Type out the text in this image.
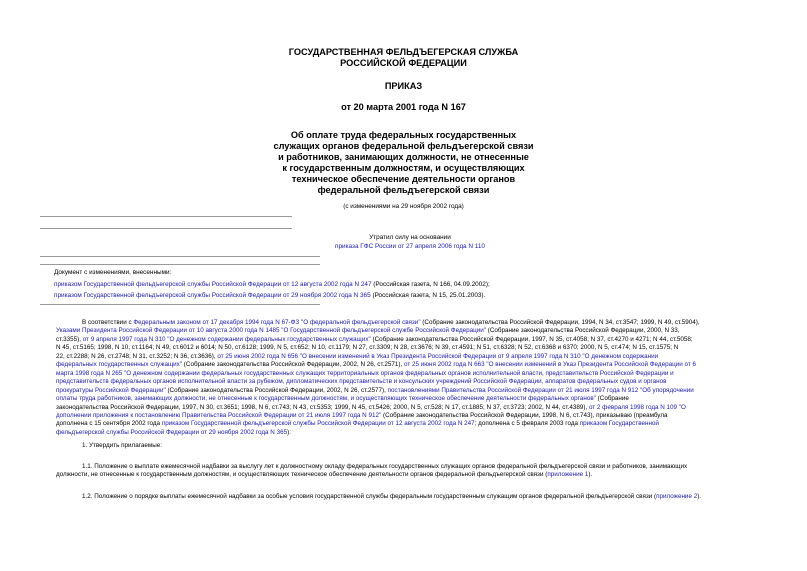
ГОСУДАРСТВЕННАЯ ФЕЛЬДЪЕГЕРСКАЯ СЛУЖБА
РОССИЙСКОЙ ФЕДЕРАЦИИ
ПРИКАЗ
от 20 марта 2001 года N 167
Об оплате труда федеральных государственных
служащих органов федеральной фельдъегерской связи
и работников, занимающих должности, не отнесенные
к государственным должностям, и осуществляющих
техническое обеспечение деятельности органов
федеральной фельдъегерской связи
(с изменениями на 29 ноября 2002 года)
Утратил силу на основании
приказа ГФС России от 27 апреля 2006 года N 110
Документ с изменениями, внесенными:
приказом Государственной фельдъегерской службы Российской Федерации от 12 августа 2002 года N 247 (Российская газета, N 166, 04.09.2002);
приказом Государственной фельдъегерской службы Российской Федерации от 29 ноября 2002 года N 365 (Российская газета, N 15, 25.01.2003).
В соответствии с Федеральным законом от 17 декабря 1994 года N 67-ФЗ "О федеральной фельдъегерской связи" (Собрание законодательства Российской Федерации, 1994, N 34, ст.3547; 1999, N 49, ст.5904),
Указами Президента Российской Федерации от 10 августа 2000 года N 1485 "О Государственной фельдъегерской службе Российской Федерации" (Собрание законодательства Российской Федерации, 2000, N 33,
ст.3355), от 9 апреля 1997 года N 310 "О денежном содержании федеральных государственных служащих" (Собрание законодательства Российской Федерации, 1997, N 35, ст.4058; N 37, ст.4270 и 4271; N 44, ст.5058;
N 45, ст.5165; 1998, N 10, ст.1164; N 49, ст.6012 и 6014; N 50, ст.6128; 1999, N 5, ст.652; N 10, ст.1179; N 27, ст.3309; N 28, ст.3676; N 39, ст.4591; N 51, ст.6328; N 52, ст.6368 и 6370; 2000, N 5, ст.474; N 15, ст.1575; N
22, ст.2288; N 26, ст.2748; N 31, ст.3252; N 36, ст.3636), от 25 июня 2002 года N 656 "О внесении изменений в Указ Президента Российской Федерации от 9 апреля 1997 года N 310 "О денежном содержании
федеральных государственных служащих" (Собрание законодательства Российской Федерации, 2002, N 26, ст.2571), от 25 июня 2002 года N 663 "О внесении изменений в Указ Президента Российской Федерации от 6
марта 1998 года N 265 "О денежном содержании федеральных государственных служащих территориальных органов федеральных органов исполнительной власти, представительств Российской Федерации и
представительств федеральных органов исполнительной власти за рубежом, дипломатических представительств и консульских учреждений Российской Федерации, аппаратов федеральных судов и органов
прокуратуры Российской Федерации" (Собрание законодательства Российской Федерации, 2002, N 26, ст.2577), постановлениями Правительства Российской Федерации от 21 июля 1997 года N 912 "Об упорядочении
оплаты труда работников, занимающих должности, не отнесенные к государственным должностям, и осуществляющих техническое обеспечение деятельности федеральных органов" (Собрание
законодательства Российской Федерации, 1997, N 30, ст.3651; 1998, N 6, ст.743; N 43, ст.5353; 1999, N 45, ст.5426; 2000, N 5, ст.528; N 17, ст.1885; N 37, ст.3723; 2002, N 44, ст.4389), от 2 февраля 1998 года N 109 "О
дополнении приложения к постановлению Правительства Российской Федерации от 21 июля 1997 года N 912" (Собрание законодательства Российской Федерации, 1998, N 6, ст.743), приказываю (преамбула
дополнена с 15 сентября 2002 года приказом Государственной фельдъегерской службы Российской Федерации от 12 августа 2002 года N 247; дополнена с 5 февраля 2003 года приказом Государственной
фельдъегерской службы Российской Федерации от 29 ноября 2002 года N 365):
1. Утвердить прилагаемые:
1.1. Положение о выплате ежемесячной надбавки за выслугу лет к должностному окладу федеральных государственных служащих органов федеральной фельдъегерской связи и работников, занимающих
должности, не отнесенные к государственным должностям, и осуществляющих техническое обеспечение деятельности органов федеральной фельдъегерской связи (приложение 1).
1.2. Положение о порядке выплаты ежемесячной надбавки за особые условия государственной службы федеральным государственным служащим органов федеральной фельдъегерской связи (приложение 2).
